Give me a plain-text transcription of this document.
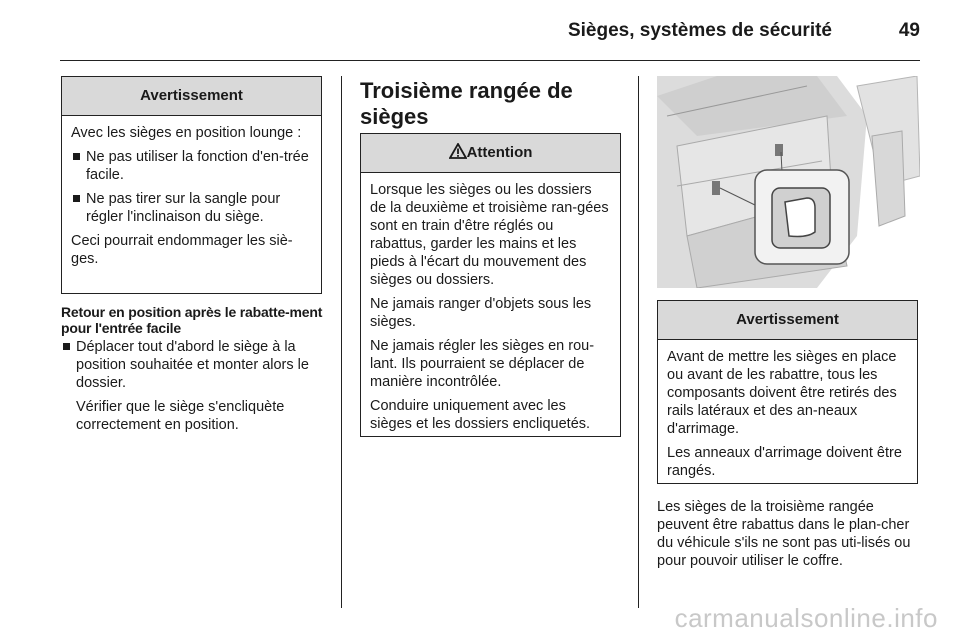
Sièges, systèmes de sécurité	49
Avertissement

Avec les sièges en position lounge :

Ne pas utiliser la fonction d'en-trée facile.
Ne pas tirer sur la sangle pour régler l'inclinaison du siège.

Ceci pourrait endommager les siè-ges.

Retour en position après le rabatte-ment pour l'entrée facile
Déplacer tout d'abord le siège à la position souhaitée et monter alors le dossier.

Vérifier que le siège s'encliquète correctement en position.

Troisième rangée de sièges
Attention

Lorsque les sièges ou les dossiers de la deuxième et troisième ran-gées sont en train d'être réglés ou rabattus, garder les mains et les pieds à l'écart du mouvement des sièges ou dossiers.

Ne jamais ranger d'objets sous les sièges.

Ne jamais régler les sièges en rou-lant. Ils pourraient se déplacer de manière incontrôlée.

Conduire uniquement avec les sièges et les dossiers encliquetés.

Avertissement

Avant de mettre les sièges en place ou avant de les rabattre, tous les composants doivent être retirés des rails latéraux et des an-neaux d'arrimage.

Les anneaux d'arrimage doivent être rangés.

Les sièges de la troisième rangée peuvent être rabattus dans le plan-cher du véhicule s'ils ne sont pas uti-lisés ou pour pouvoir utiliser le coffre.

carmanualsonline.info
